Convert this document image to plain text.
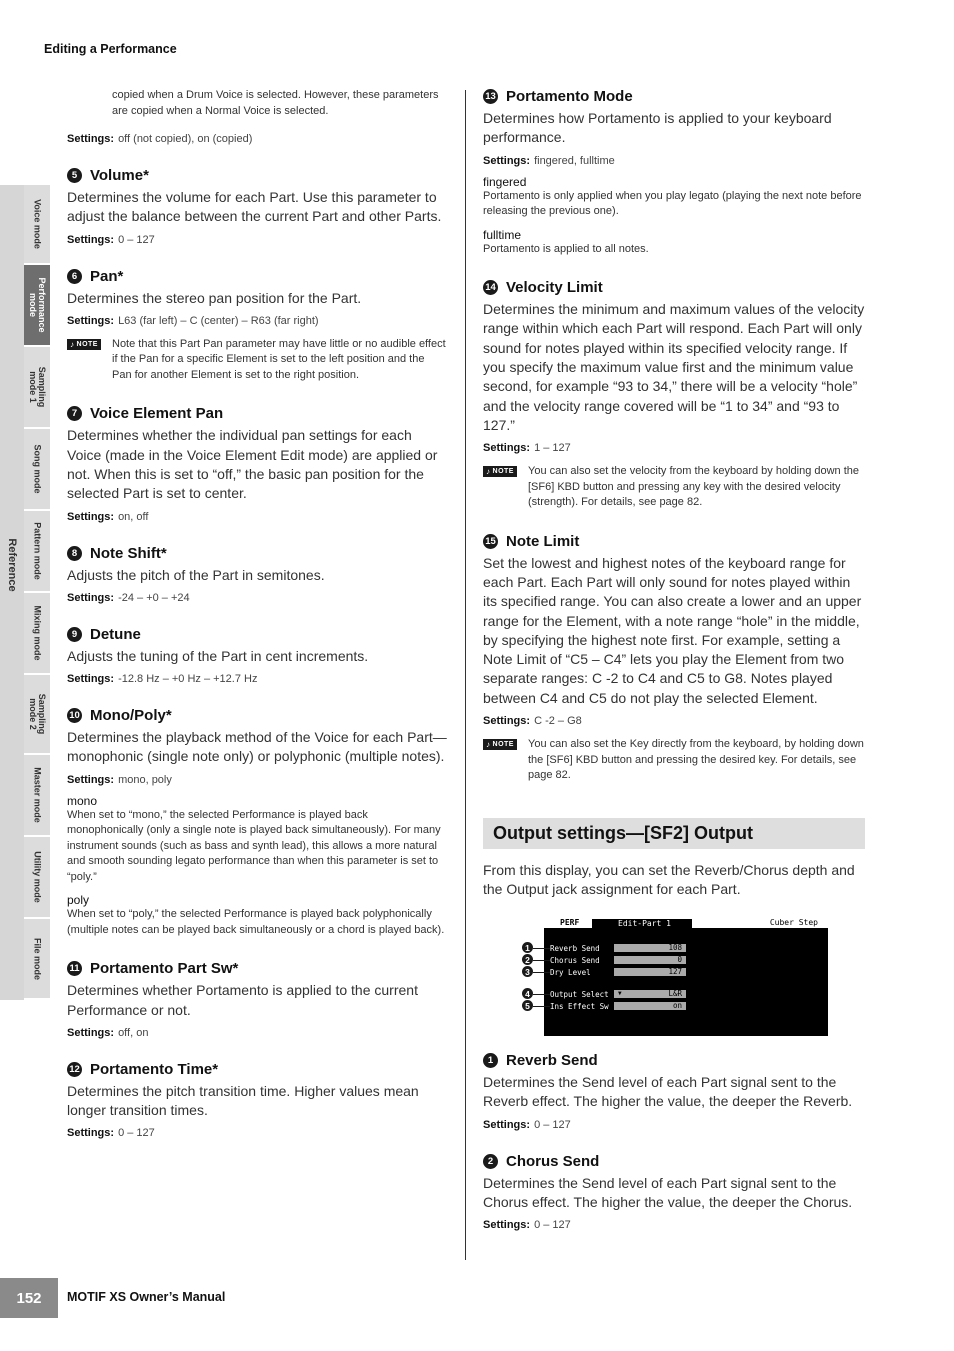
Editing a Performance
Reference
Voice mode
Performance
mode
Sampling
mode 1
Song mode
Pattern mode
Mixing mode
Sampling
mode 2
Master mode
Utility mode
File mode

copied when a Drum Voice is selected. However, these parameters are copied when a Normal Voice is selected.

Settings: off (not copied), on (copied)
5 Volume*

Determines the volume for each Part. Use this parameter to adjust the balance between the current Part and other Parts.

Settings: 0 – 127
6 Pan*

Determines the stereo pan position for the Part.

Settings: L63 (far left) – C (center) – R63 (far right)
♪ NOTE Note that this Part Pan parameter may have little or no audible effect if the Pan for a specific Element is set to the left position and the Pan for another Element is set to the right position.

7 Voice Element Pan

Determines whether the individual pan settings for each Voice (made in the Voice Element Edit mode) are applied or not. When this is set to “off,” the basic pan position for the selected Part is set to center.

Settings: on, off
8 Note Shift*

Adjusts the pitch of the Part in semitones.

Settings: -24 – +0 – +24
9 Detune

Adjusts the tuning of the Part in cent increments.

Settings: -12.8 Hz – +0 Hz – +12.7 Hz
10 Mono/Poly*

Determines the playback method of the Voice for each Part—monophonic (single note only) or polyphonic (multiple notes).

Settings: mono, poly
mono

When set to “mono,” the selected Performance is played back monophonically (only a single note is played back simultaneously). For many instrument sounds (such as bass and synth lead), this allows a more natural and smooth sounding legato performance than when this parameter is set to “poly.”

poly

When set to “poly,” the selected Performance is played back polyphonically (multiple notes can be played back simultaneously or a chord is played back).

11 Portamento Part Sw*

Determines whether Portamento is applied to the current Performance or not.

Settings: off, on
12 Portamento Time*

Determines the pitch transition time. Higher values mean longer transition times.

Settings: 0 – 127
13 Portamento Mode

Determines how Portamento is applied to your keyboard performance.

Settings: fingered, fulltime
fingered

Portamento is only applied when you play legato (playing the next note before releasing the previous one).

fulltime

Portamento is applied to all notes.

14 Velocity Limit

Determines the minimum and maximum values of the velocity range within which each Part will respond. Each Part will only sound for notes played within its specified velocity range. If you specify the maximum value first and the minimum value second, for example “93 to 34,” there will be a velocity “hole” and the velocity range covered will be “1 to 34” and “93 to 127.”

Settings: 1 – 127
♪ NOTE You can also set the velocity from the keyboard by holding down the [SF6] KBD button and pressing any key with the desired velocity (strength). For details, see page 82.

15 Note Limit

Set the lowest and highest notes of the keyboard range for each Part. Each Part will only sound for notes played within its specified range. You can also create a lower and an upper range for the Element, with a note range “hole” in the middle, by specifying the highest note first. For example, setting a Note Limit of “C5 – C4” lets you play the Element from two separate ranges: C -2 to C4 and C5 to G8. Notes played between C4 and C5 do not play the selected Element.

Settings: C -2 – G8
♪ NOTE You can also set the Key directly from the keyboard, by holding down the [SF6] KBD button and pressing the desired key. For details, see page 82.

Output settings—[SF2] Output

From this display, you can set the Reverb/Chorus depth and the Output jack assignment for each Part.

PERF	Edit-Part 1	Cuber Step
Reverb Send	108
Chorus Send	0
Dry Level	127
Output Select ▼	L&R
Ins Effect Sw	on
1
2
3
4
5
1 Reverb Send

Determines the Send level of each Part signal sent to the Reverb effect. The higher the value, the deeper the Reverb.

Settings: 0 – 127
2 Chorus Send

Determines the Send level of each Part signal sent to the Chorus effect. The higher the value, the deeper the Chorus.

Settings: 0 – 127
152	MOTIF XS Owner’s Manual
